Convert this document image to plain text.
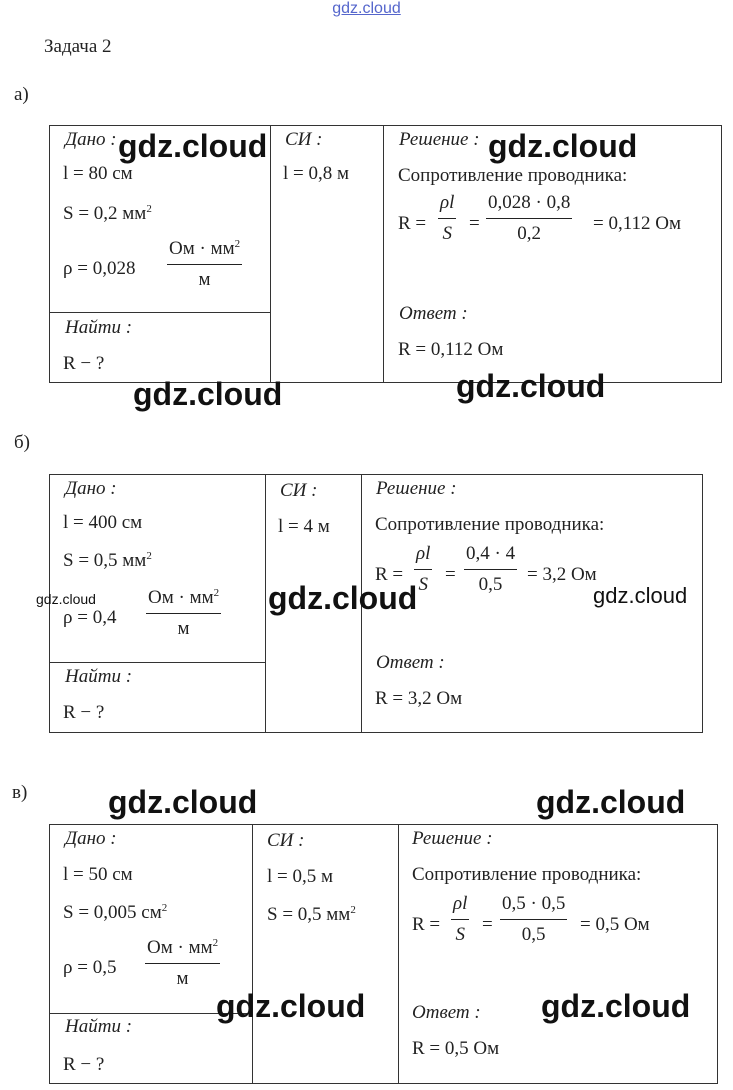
gdz.cloud
Задача 2
а)
Дано :
l = 80 см
S = 0,2 $мм^2$
ρ = 0,028
Ом · $мм^2$
м
Найти :
R − ?
СИ :
l = 0,8 м
Решение :
Сопротивление проводника:
$R = \frac{\rho l}{S} = \frac{0,028 \cdot 0,8}{0,2} = 0,112$ Ом
Ответ :
R = 0,112 Ом
б)
Дано :
l = 400 см
S = 0,5 $мм^2$
ρ = 0,4
Ом · $мм^2$
м
Найти :
R − ?
СИ :
l = 4 м
Решение :
Сопротивление проводника:
$R = \frac{\rho l}{S} = \frac{0,4 \cdot 4}{0,5} = 3,2$ Ом
Ответ :
R = 3,2 Ом
в)
Дано :
l = 50 см
S = 0,005 $см^2$
ρ = 0,5
Ом · $мм^2$
м
Найти :
R − ?
СИ :
l = 0,5 м
S = 0,5 $мм^2$
Решение :
Сопротивление проводника:
$R = \frac{\rho l}{S} = \frac{0,5 \cdot 0,5}{0,5} = 0,5$ Ом
Ответ :
R = 0,5 Ом
gdz.cloud	gdz.cloud
gdz.cloud	gdz.cloud
gdz.cloud	gdz.cloud	gdz.cloud
gdz.cloud	gdz.cloud
gdz.cloud	gdz.cloud
